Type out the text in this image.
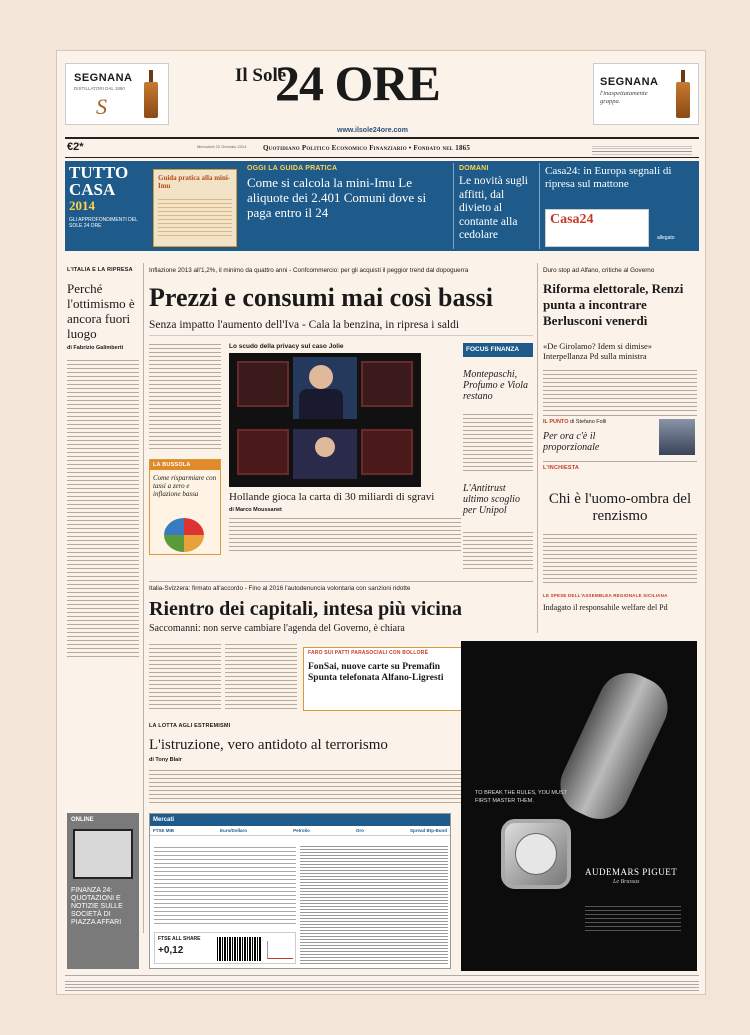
SEGNANA
DISTILLATORI DAL 1860
S
SEGNANA
l'inaspettatamente grappa.
Il Sole
24 ORE
www.ilsole24ore.com
€2*	Mercoledì 22 Gennaio 2014 Quotidiano Politico Economico Finanziario • Fondato nel 1865
TUTTO
CASA
2014
GLI APPROFONDIMENTI DEL SOLE 24 ORE
Guida pratica alla mini-Imu
OGGI LA GUIDA PRATICA
Come si calcola la mini-Imu Le aliquote dei 2.401 Comuni dove si paga entro il 24
DOMANI
Le novità sugli affitti, dal divieto al contante alla cedolare
Casa24: in Europa segnali di ripresa sul mattone
Casa24
allegato
L'ITALIA E LA RIPRESA
Perché l'ottimismo è ancora fuori luogo
di Fabrizio Galimberti
Inflazione 2013 all'1,2%, il minimo da quattro anni - Confcommercio: per gli acquisti il peggior trend dal dopoguerra
Prezzi e consumi mai così bassi
Senza impatto l'aumento dell'Iva - Cala la benzina, in ripresa i saldi
Lo scudo della privacy sul caso Jolie
Hollande gioca la carta di 30 miliardi di sgravi
di Marco Moussanet
LA BUSSOLA
Come risparmiare con tassi a zero e inflazione bassa
FOCUS FINANZA
Montepaschi, Profumo e Viola restano
L'Antitrust ultimo scoglio per Unipol
Duro stop ad Alfano, critiche al Governo
Riforma elettorale, Renzi punta a incontrare Berlusconi venerdì
«De Girolamo? Idem si dimise» Interpellanza Pd sulla ministra
IL PUNTO di Stefano Folli
Per ora c'è il proporzionale
L'INCHIESTA
Chi è l'uomo-ombra del renzismo
LE SPESE DELL'ASSEMBLEA REGIONALE SICILIANA
Indagato il responsabile welfare del Pd
Italia-Svizzera: firmato all'accordo - Fino al 2016 l'autodenuncia volontaria con sanzioni ridotte
Rientro dei capitali, intesa più vicina
Saccomanni: non serve cambiare l'agenda del Governo, è chiara
FARO SUI PATTI PARASOCIALI CON BOLLORÉ
FonSai, nuove carte su Premafin Spunta telefonata Alfano-Ligresti
LA LOTTA AGLI ESTREMISMI
L'istruzione, vero antidoto al terrorismo
di Tony Blair
ONLINE
FINANZA 24: QUOTAZIONI E NOTIZIE SULLE SOCIETÀ DI PIAZZA AFFARI
Mercati
FTSE MIB	Euro/Dollaro	Petrolio	Oro	Spread Btp-Bund
FTSE ALL SHARE
+0,12
TO BREAK THE RULES, YOU MUST FIRST MASTER THEM.
AUDEMARS PIGUET
Le Brassus
